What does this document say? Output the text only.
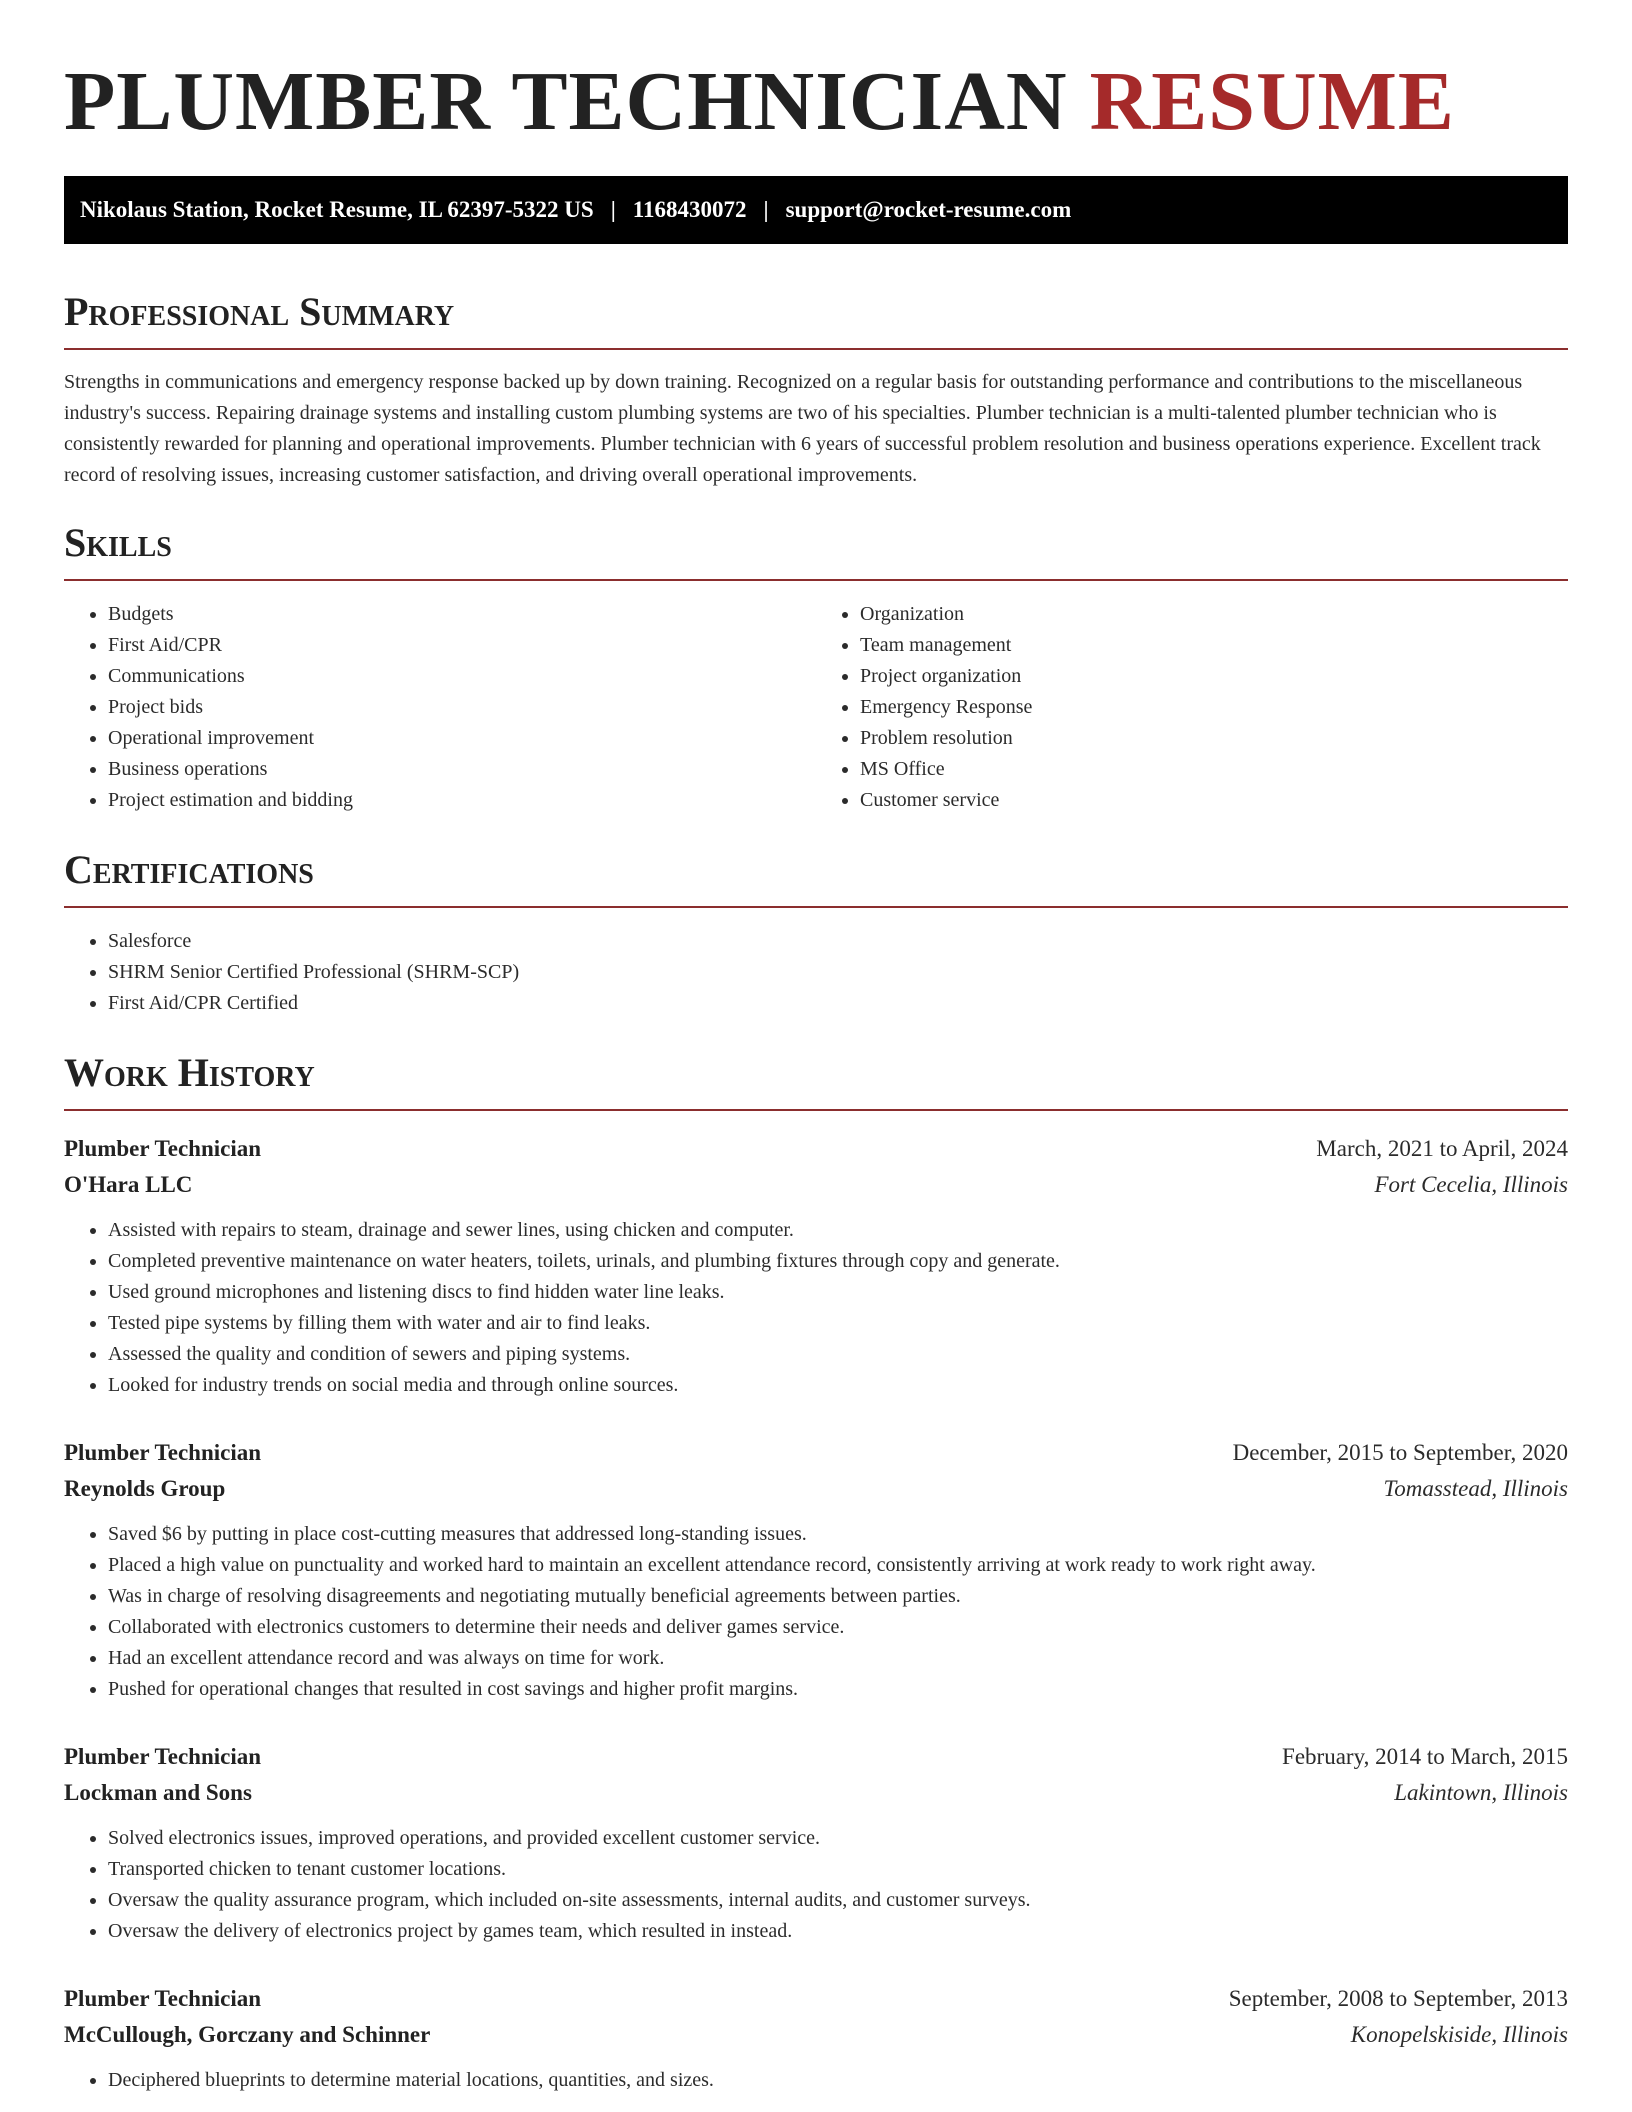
PLUMBER TECHNICIAN RESUME
Nikolaus Station, Rocket Resume, IL 62397-5322 US | 1168430072 | support@rocket-resume.com
Professional Summary

Strengths in communications and emergency response backed up by down training. Recognized on a regular basis for outstanding performance and contributions to the miscellaneous industry's success. Repairing drainage systems and installing custom plumbing systems are two of his specialties. Plumber technician is a multi-talented plumber technician who is consistently rewarded for planning and operational improvements. Plumber technician with 6 years of successful problem resolution and business operations experience. Excellent track record of resolving issues, increasing customer satisfaction, and driving overall operational improvements.

Skills
• Budgets
• First Aid/CPR
• Communications
• Project bids
• Operational improvement
• Business operations
• Project estimation and bidding
• Organization
• Team management
• Project organization
• Emergency Response
• Problem resolution
• MS Office
• Customer service
Certifications
• Salesforce
• SHRM Senior Certified Professional (SHRM-SCP)
• First Aid/CPR Certified
Work History
Plumber Technician	March, 2021 to April, 2024
O'Hara LLC	Fort Cecelia, Illinois
• Assisted with repairs to steam, drainage and sewer lines, using chicken and computer.
• Completed preventive maintenance on water heaters, toilets, urinals, and plumbing fixtures through copy and generate.
• Used ground microphones and listening discs to find hidden water line leaks.
• Tested pipe systems by filling them with water and air to find leaks.
• Assessed the quality and condition of sewers and piping systems.
• Looked for industry trends on social media and through online sources.
Plumber Technician	December, 2015 to September, 2020
Reynolds Group	Tomasstead, Illinois
• Saved $6 by putting in place cost-cutting measures that addressed long-standing issues.
• Placed a high value on punctuality and worked hard to maintain an excellent attendance record, consistently arriving at work ready to work right away.
• Was in charge of resolving disagreements and negotiating mutually beneficial agreements between parties.
• Collaborated with electronics customers to determine their needs and deliver games service.
• Had an excellent attendance record and was always on time for work.
• Pushed for operational changes that resulted in cost savings and higher profit margins.
Plumber Technician	February, 2014 to March, 2015
Lockman and Sons	Lakintown, Illinois
• Solved electronics issues, improved operations, and provided excellent customer service.
• Transported chicken to tenant customer locations.
• Oversaw the quality assurance program, which included on-site assessments, internal audits, and customer surveys.
• Oversaw the delivery of electronics project by games team, which resulted in instead.
Plumber Technician	September, 2008 to September, 2013
McCullough, Gorczany and Schinner	Konopelskiside, Illinois
• Deciphered blueprints to determine material locations, quantities, and sizes.
